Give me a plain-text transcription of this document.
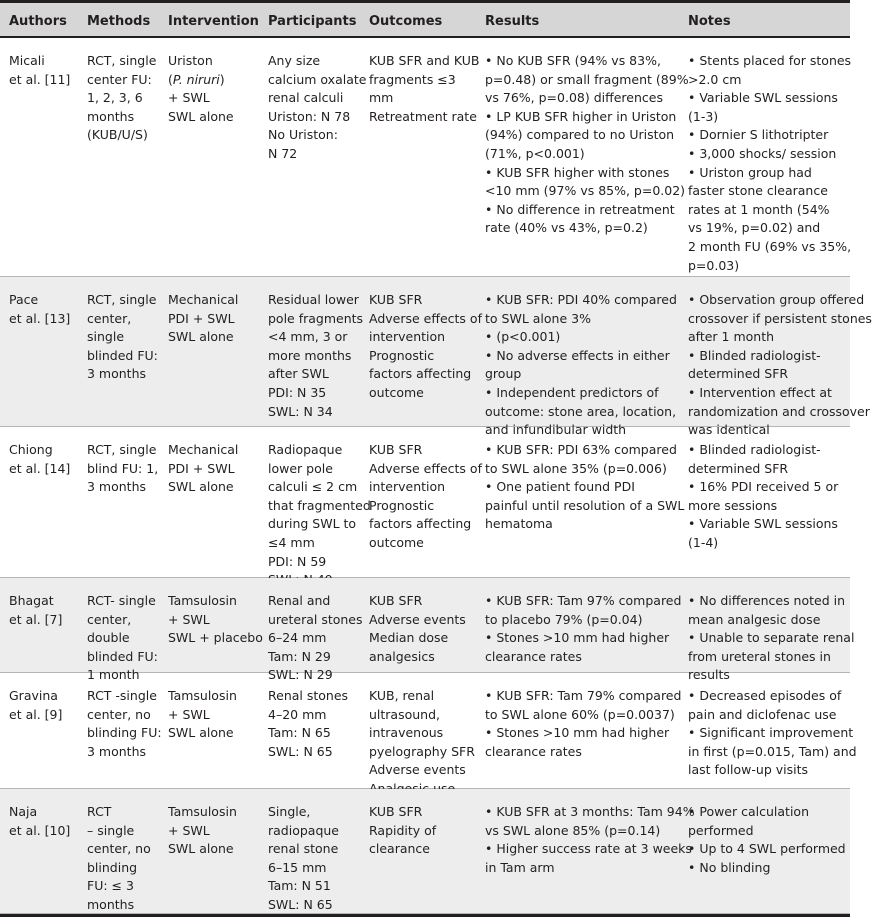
Authors Methods Intervention Participants Outcomes	Results	Notes
Micali
et al. [11]
RCT, single
center FU:
1, 2, 3, 6
months
(KUB/U/S)
Uriston
(P. niruri)
+ SWL
SWL alone
Any size
calcium oxalate
renal calculi
Uriston: N 78
No Uriston:
N 72
KUB SFR and KUB
fragments ≤3
mm
Retreatment rate
• No KUB SFR (94% vs 83%,
p=0.48) or small fragment (89%
vs 76%, p=0.08) differences
• LP KUB SFR higher in Uriston
(94%) compared to no Uriston
(71%, p<0.001)
• KUB SFR higher with stones
<10 mm (97% vs 85%, p=0.02)
• No difference in retreatment
rate (40% vs 43%, p=0.2)
• Stents placed for stones
>2.0 cm
• Variable SWL sessions
(1-3)
• Dornier S lithotripter
• 3,000 shocks/ session
• Uriston group had
faster stone clearance
rates at 1 month (54%
vs 19%, p=0.02) and
2 month FU (69% vs 35%,
p=0.03)
Pace
et al. [13]
RCT, single
center,
single
blinded FU:
3 months
Mechanical
PDI + SWL
SWL alone
Residual lower
pole fragments
<4 mm, 3 or
more months
after SWL
PDI: N 35
SWL: N 34
KUB SFR
Adverse effects of
intervention
Prognostic
factors affecting
outcome
• KUB SFR: PDI 40% compared
to SWL alone 3%
• (p<0.001)
• No adverse effects in either
group
• Independent predictors of
outcome: stone area, location,
and infundibular width
• Observation group offered
crossover if persistent stones
after 1 month
• Blinded radiologist-
determined SFR
• Intervention effect at
randomization and crossover
was identical
Chiong
et al. [14]
RCT, single
blind FU: 1,
3 months
Mechanical
PDI + SWL
SWL alone
Radiopaque
lower pole
calculi ≤ 2 cm
that fragmented
during SWL to
≤4 mm
PDI: N 59
KUB SFR
Adverse effects of
intervention
Prognostic
factors affecting
outcome
• KUB SFR: PDI 63% compared
to SWL alone 35% (p=0.006)
• One patient found PDI
painful until resolution of a SWL
hematoma
• Blinded radiologist-
determined SFR
• 16% PDI received 5 or
more sessions
• Variable SWL sessions
(1-4)
Bhagat
et al. [7]
RCT- single
center,
double
blinded FU:
1 month
Tamsulosin
+ SWL
SWL + placebo
Renal and
ureteral stones
6–24 mm
Tam: N 29
SWL: N 29
KUB SFR
Adverse events
Median dose
analgesics
• KUB SFR: Tam 97% compared
to placebo 79% (p=0.04)
• Stones >10 mm had higher
clearance rates
• No differences noted in
mean analgesic dose
• Unable to separate renal
from ureteral stones in
results
Gravina
et al. [9]
RCT -single
center, no
blinding FU:
3 months
Tamsulosin
+ SWL
SWL alone
Renal stones
4–20 mm
Tam: N 65
SWL: N 65
KUB, renal
ultrasound,
intravenous
pyelography SFR
Adverse events
• KUB SFR: Tam 79% compared
to SWL alone 60% (p=0.0037)
• Stones >10 mm had higher
clearance rates
• Decreased episodes of
pain and diclofenac use
• Significant improvement
in first (p=0.015, Tam) and
last follow-up visits
Naja
et al. [10]
RCT
– single
center, no
blinding
FU: ≤ 3
months
Tamsulosin
+ SWL
SWL alone
Single,
radiopaque
renal stone
6–15 mm
Tam: N 51
SWL: N 65
KUB SFR
Rapidity of
clearance
• KUB SFR at 3 months: Tam 94%
vs SWL alone 85% (p=0.14)
• Higher success rate at 3 weeks
in Tam arm
• Power calculation
performed
• Up to 4 SWL performed
• No blinding
